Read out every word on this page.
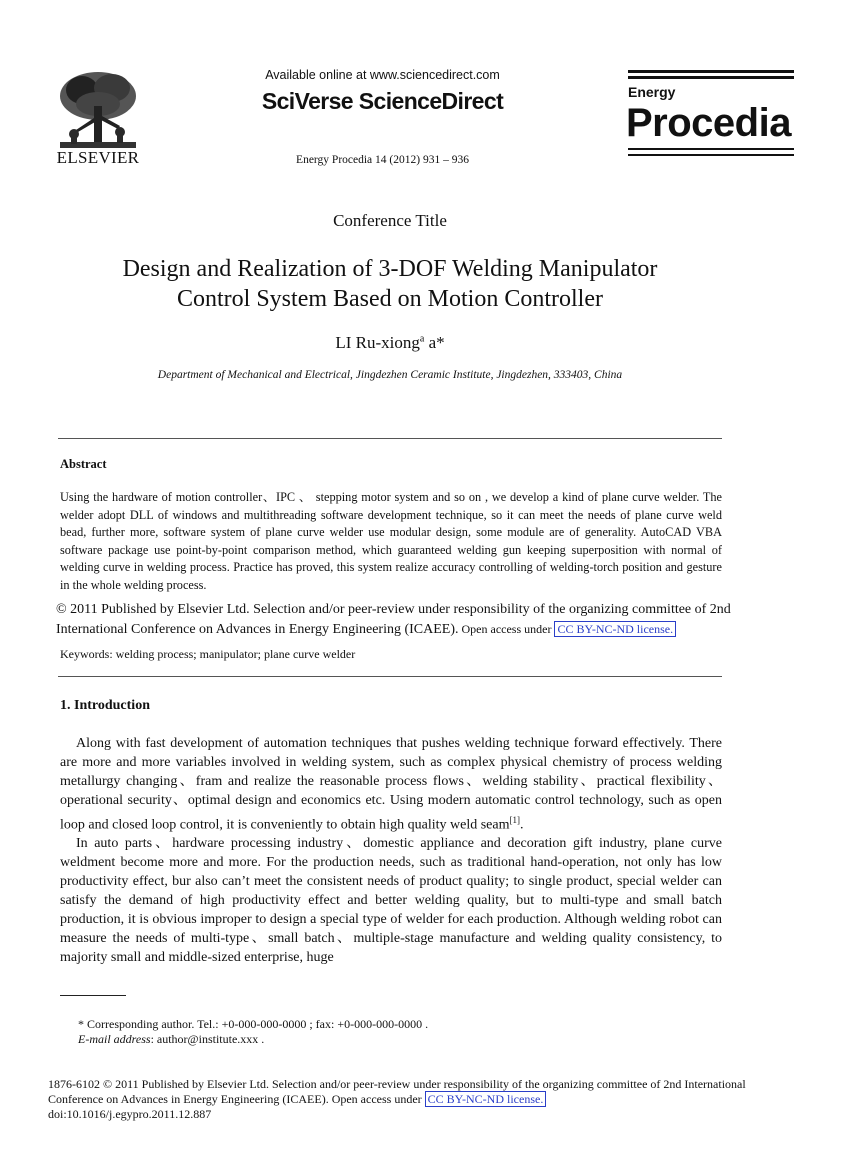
ELSEVIER
Available online at www.sciencedirect.com
SciVerse ScienceDirect
Energy Procedia 14 (2012) 931 – 936
Energy
Procedia
Conference Title
Design and Realization of 3-DOF Welding Manipulator
Control System Based on Motion Controller
LI Ru-xiong$^a$ a*
Department of Mechanical and Electrical, Jingdezhen Ceramic Institute, Jingdezhen, 333403, China
Abstract
Using the hardware of motion controller、IPC 、 stepping motor system and so on , we develop a kind of plane curve welder. The welder adopt DLL of windows and multithreading software development technique, so it can meet the needs of plane curve weld bead, further more, software system of plane curve welder use modular design, some module are of generality. AutoCAD VBA software package use point-by-point comparison method, which guaranteed welding gun keeping superposition with normal of welding curve in welding process. Practice has proved, this system realize accuracy controlling of welding-torch position and gesture in the whole welding process.
© 2011 Published by Elsevier Ltd. Selection and/or peer-review under responsibility of the organizing committee of 2nd International Conference on Advances in Energy Engineering (ICAEE). Open access under CC BY-NC-ND license.
Keywords: welding process; manipulator; plane curve welder
1. Introduction

Along with fast development of automation techniques that pushes welding technique forward effectively. There are more and more variables involved in welding system, such as complex physical chemistry of process welding metallurgy changing、fram and realize the reasonable process flows、welding stability、practical flexibility、operational security、optimal design and economics etc. Using modern automatic control technology, such as open loop and closed loop control, it is conveniently to obtain high quality weld seam[1].

In auto parts、hardware processing industry、domestic appliance and decoration gift industry, plane curve weldment become more and more. For the production needs, such as traditional hand-operation, not only has low productivity effect, bur also can’t meet the consistent needs of product quality; to single product, special welder can satisfy the demand of high productivity effect and better welding quality, but to multi-type and small batch production, it is obvious improper to design a special type of welder for each production. Although welding robot can measure the needs of multi-type、small batch、multiple-stage manufacture and welding quality consistency, to majority small and middle-sized enterprise, huge

* Corresponding author. Tel.: +0-000-000-0000 ; fax: +0-000-000-0000 .
E-mail address: author@institute.xxx .
1876-6102 © 2011 Published by Elsevier Ltd. Selection and/or peer-review under responsibility of the organizing committee of 2nd International Conference on Advances in Energy Engineering (ICAEE). Open access under CC BY-NC-ND license.
doi:10.1016/j.egypro.2011.12.887
